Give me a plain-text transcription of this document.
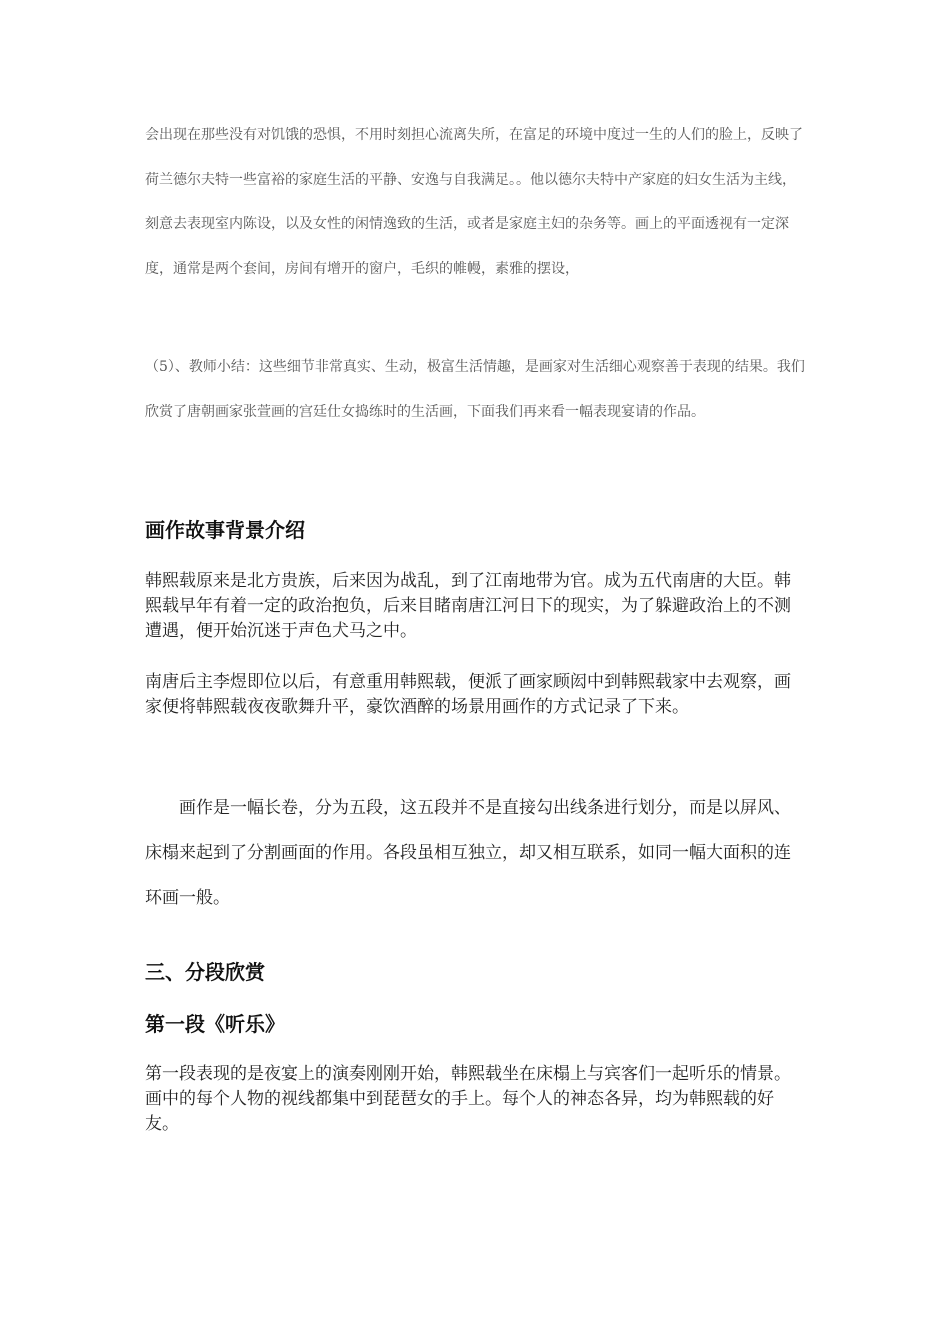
会出现在那些没有对饥饿的恐惧，不用时刻担心流离失所，在富足的环境中度过一生的人们的脸上，反映了荷兰德尔夫特一些富裕的家庭生活的平静、安逸与自我满足。。他以德尔夫特中产家庭的妇女生活为主线，刻意去表现室内陈设，以及女性的闲情逸致的生活，或者是家庭主妇的杂务等。画上的平面透视有一定深度，通常是两个套间，房间有增开的窗户，毛织的帷幔，素雅的摆设，

（5）、教师小结：这些细节非常真实、生动，极富生活情趣，是画家对生活细心观察善于表现的结果。我们欣赏了唐朝画家张萱画的宫廷仕女捣练时的生活画，下面我们再来看一幅表现宴请的作品。

画作故事背景介绍

韩熙载原来是北方贵族，后来因为战乱，到了江南地带为官。成为五代南唐的大臣。韩熙载早年有着一定的政治抱负，后来目睹南唐江河日下的现实，为了躲避政治上的不测遭遇，便开始沉迷于声色犬马之中。

南唐后主李煜即位以后，有意重用韩熙载，便派了画家顾闳中到韩熙载家中去观察，画家便将韩熙载夜夜歌舞升平，豪饮酒醉的场景用画作的方式记录了下来。

画作是一幅长卷，分为五段，这五段并不是直接勾出线条进行划分，而是以屏风、床榻来起到了分割画面的作用。各段虽相互独立，却又相互联系，如同一幅大面积的连环画一般。

三、分段欣赏
第一段《听乐》

第一段表现的是夜宴上的演奏刚刚开始，韩熙载坐在床榻上与宾客们一起听乐的情景。画中的每个人物的视线都集中到琵琶女的手上。每个人的神态各异，均为韩熙载的好友。
